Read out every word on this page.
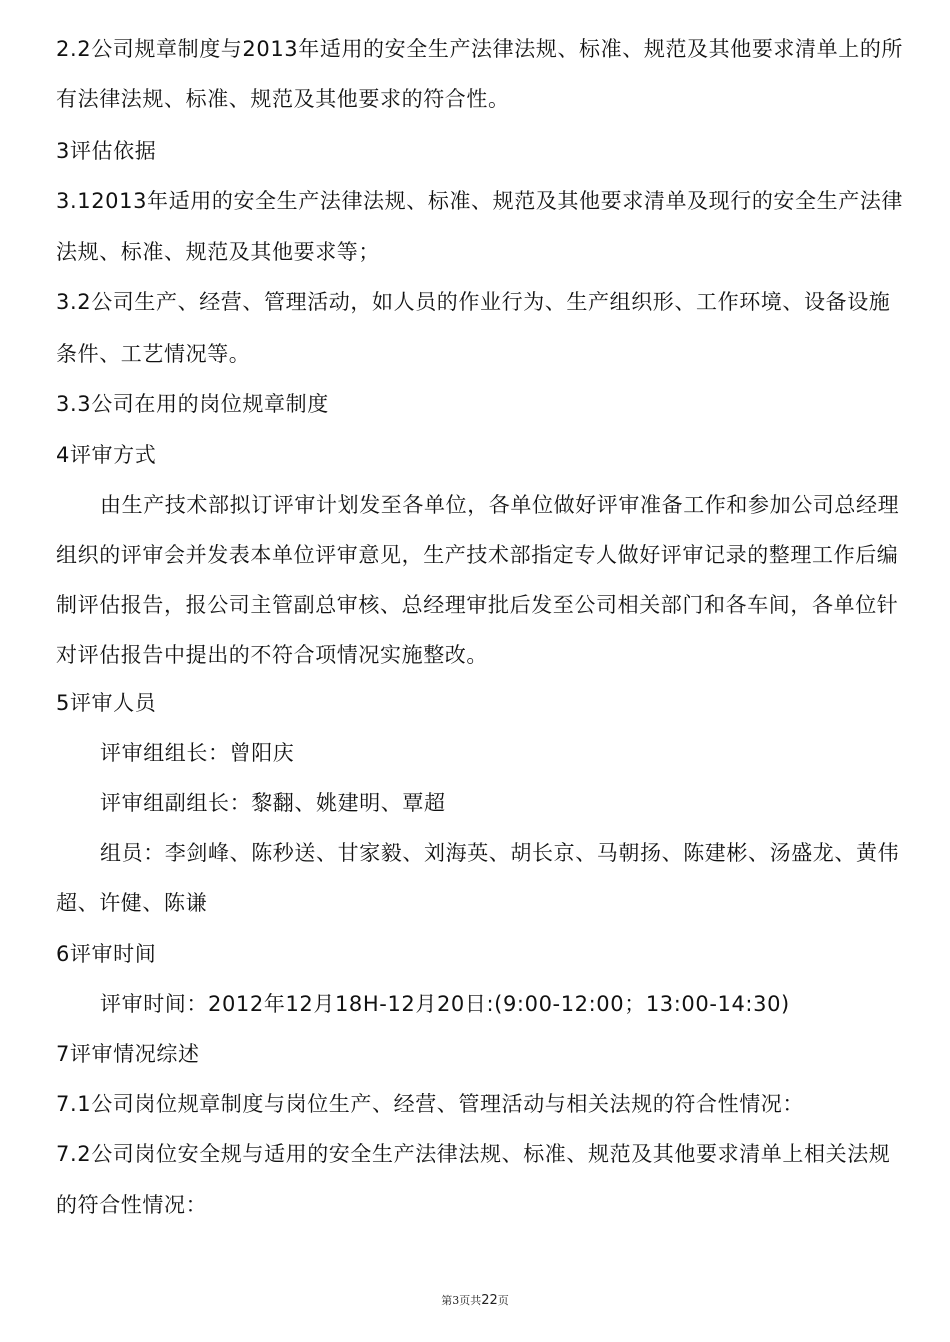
2.2公司规章制度与2013年适用的安全生产法律法规、标准、规范及其他要求清单上的所
有法律法规、标准、规范及其他要求的符合性。
3评估依据
3.12013年适用的安全生产法律法规、标准、规范及其他要求清单及现行的安全生产法律
法规、标准、规范及其他要求等；
3.2公司生产、经营、管理活动，如人员的作业行为、生产组织形、工作环境、设备设施
条件、工艺情况等。
3.3公司在用的岗位规章制度
4评审方式
由生产技术部拟订评审计划发至各单位，各单位做好评审准备工作和参加公司总经理
组织的评审会并发表本单位评审意见，生产技术部指定专人做好评审记录的整理工作后编
制评估报告，报公司主管副总审核、总经理审批后发至公司相关部门和各车间，各单位针
对评估报告中提出的不符合项情况实施整改。
5评审人员
评审组组长：曾阳庆
评审组副组长：黎翻、姚建明、覃超
组员：李剑峰、陈秒送、甘家毅、刘海英、胡长京、马朝扬、陈建彬、汤盛龙、黄伟
超、许健、陈谦
6评审时间
评审时间：2012年12月18H-12月20日:(9:00-12:00；13:00-14:30)
7评审情况综述
7.1公司岗位规章制度与岗位生产、经营、管理活动与相关法规的符合性情况：
7.2公司岗位安全规与适用的安全生产法律法规、标准、规范及其他要求清单上相关法规
的符合性情况：
第3页共22页
